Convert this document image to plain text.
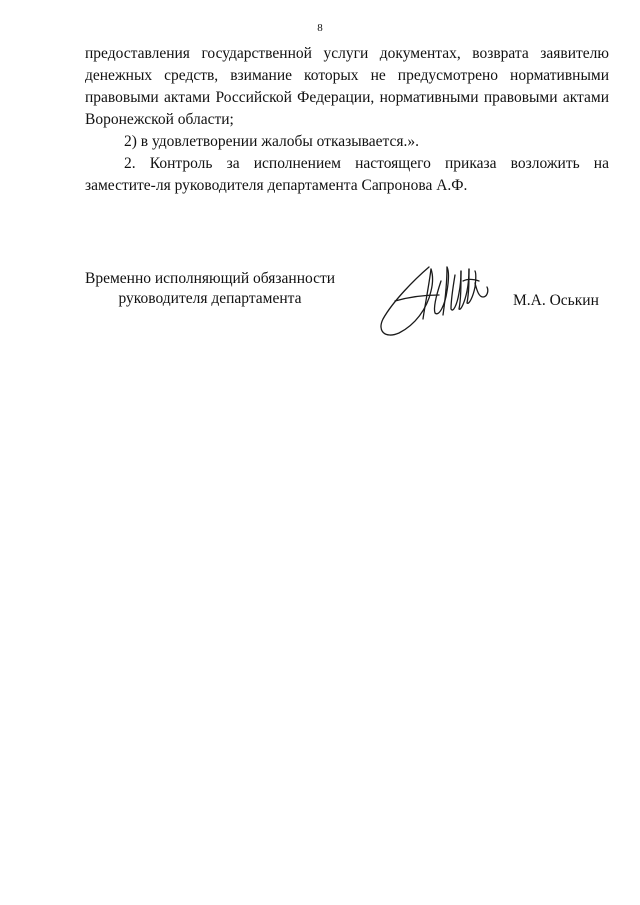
8

предоставления государственной услуги документах, возврата заявителю денежных средств, взимание которых не предусмотрено нормативными правовыми актами Российской Федерации, нормативными правовыми актами Воронежской области;

2) в удовлетворении жалобы отказывается.».

2. Контроль за исполнением настоящего приказа возложить на заместите-ля руководителя департамента Сапронова А.Ф.

Временно исполняющий обязанности
руководителя департамента	М.А. Оськин
